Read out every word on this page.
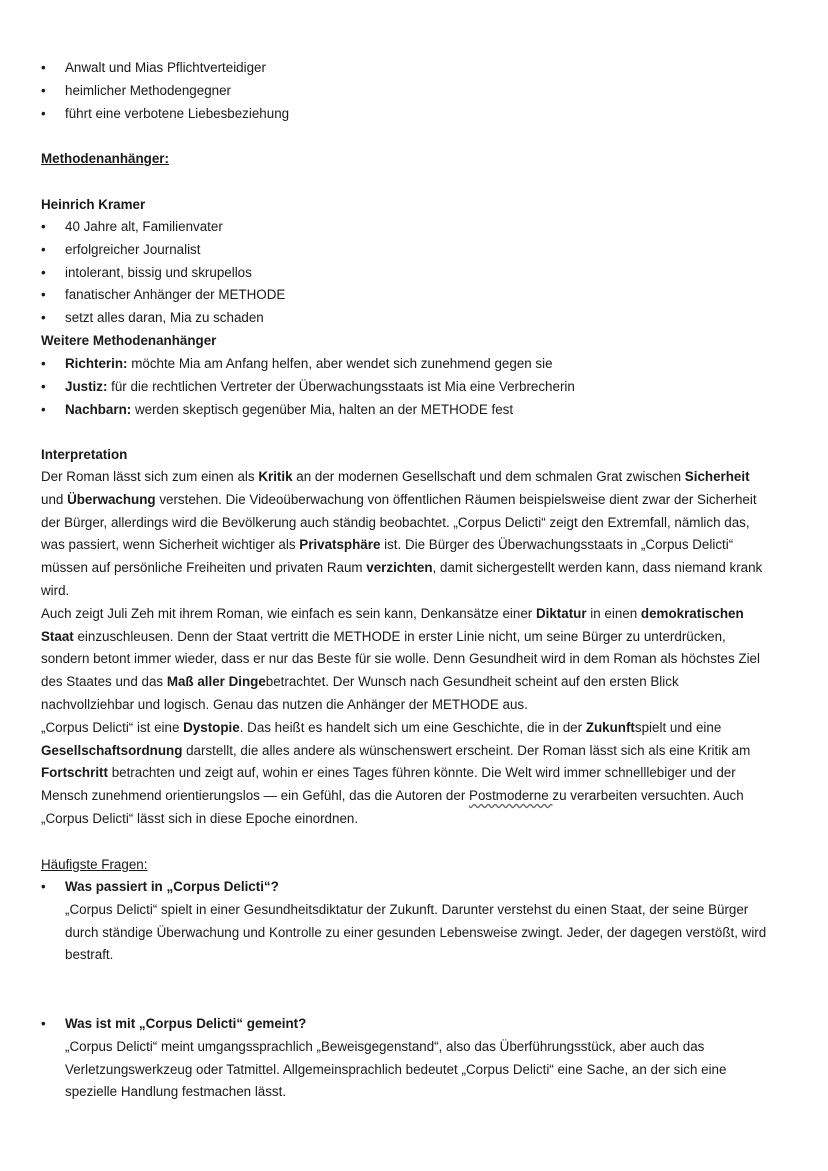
•	Anwalt und Mias Pflichtverteidiger
•	heimlicher Methodengegner
•	führt eine verbotene Liebesbeziehung
Methodenanhänger:
Heinrich Kramer
•	40 Jahre alt, Familienvater
•	erfolgreicher Journalist
•	intolerant, bissig und skrupellos
•	fanatischer Anhänger der METHODE
•	setzt alles daran, Mia zu schaden
Weitere Methodenanhänger
•	Richterin: möchte Mia am Anfang helfen, aber wendet sich zunehmend gegen sie
•	Justiz: für die rechtlichen Vertreter der Überwachungsstaats ist Mia eine Verbrecherin
•	Nachbarn: werden skeptisch gegenüber Mia, halten an der METHODE fest
Interpretation

Der Roman lässt sich zum einen als Kritik an der modernen Gesellschaft und dem schmalen Grat zwischen Sicherheit

und Überwachung verstehen. Die Videoüberwachung von öffentlichen Räumen beispielsweise dient zwar der Sicherheit

der Bürger, allerdings wird die Bevölkerung auch ständig beobachtet. „Corpus Delicti“ zeigt den Extremfall, nämlich das,

was passiert, wenn Sicherheit wichtiger als Privatsphäre ist. Die Bürger des Überwachungsstaats in „Corpus Delicti“

müssen auf persönliche Freiheiten und privaten Raum verzichten, damit sichergestellt werden kann, dass niemand krank

wird.

Auch zeigt Juli Zeh mit ihrem Roman, wie einfach es sein kann, Denkansätze einer Diktatur in einen demokratischen

Staat einzuschleusen. Denn der Staat vertritt die METHODE in erster Linie nicht, um seine Bürger zu unterdrücken,

sondern betont immer wieder, dass er nur das Beste für sie wolle. Denn Gesundheit wird in dem Roman als höchstes Ziel

des Staates und das Maß aller Dingebetrachtet. Der Wunsch nach Gesundheit scheint auf den ersten Blick

nachvollziehbar und logisch. Genau das nutzen die Anhänger der METHODE aus.

„Corpus Delicti“ ist eine Dystopie. Das heißt es handelt sich um eine Geschichte, die in der Zukunftspielt und eine

Gesellschaftsordnung darstellt, die alles andere als wünschenswert erscheint. Der Roman lässt sich als eine Kritik am

Fortschritt betrachten und zeigt auf, wohin er eines Tages führen könnte. Die Welt wird immer schnelllebiger und der

Mensch zunehmend orientierungslos — ein Gefühl, das die Autoren der Postmoderne zu verarbeiten versuchten. Auch

„Corpus Delicti“ lässt sich in diese Epoche einordnen.

Häufigste Fragen:
• Was passiert in „Corpus Delicti“?

„Corpus Delicti“ spielt in einer Gesundheitsdiktatur der Zukunft. Darunter verstehst du einen Staat, der seine Bürger

durch ständige Überwachung und Kontrolle zu einer gesunden Lebensweise zwingt. Jeder, der dagegen verstößt, wird

bestraft.

• Was ist mit „Corpus Delicti“ gemeint?

„Corpus Delicti“ meint umgangssprachlich „Beweisgegenstand“, also das Überführungsstück, aber auch das

Verletzungswerkzeug oder Tatmittel. Allgemeinsprachlich bedeutet „Corpus Delicti“ eine Sache, an der sich eine

spezielle Handlung festmachen lässt.
